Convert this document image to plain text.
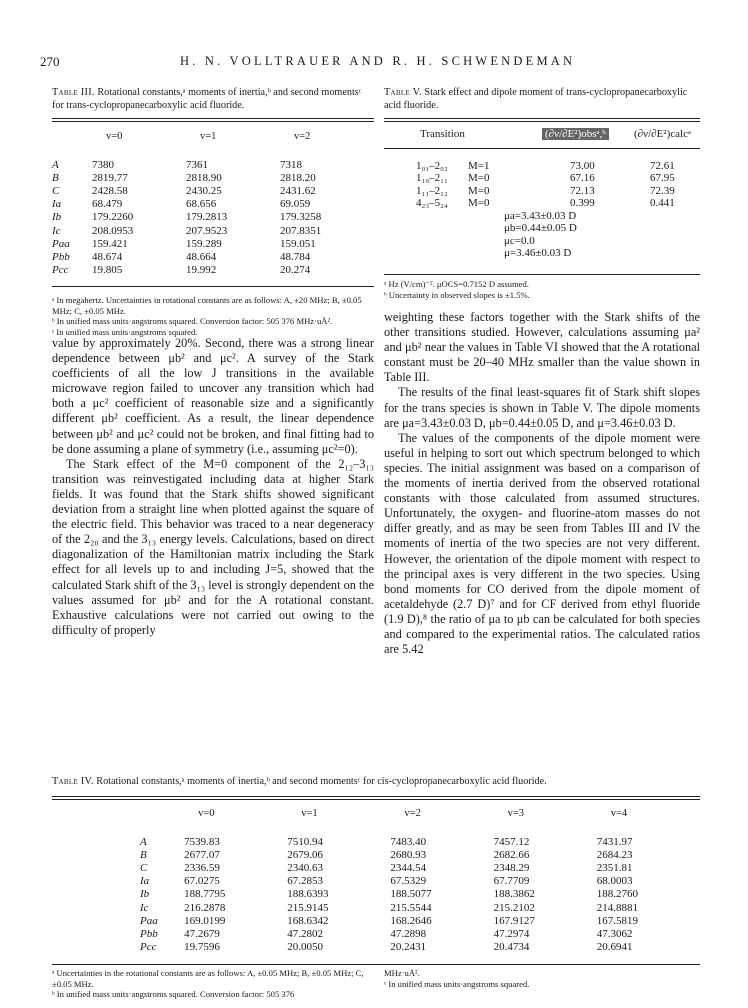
270	H. N. VOLLTRAUER AND R. H. SCHWENDEMAN
Table III. Rotational constants,ᵃ moments of inertia,ᵇ and second momentsᶜ for trans-cyclopropanecarboxylic acid fluoride.
	v=0	v=1	v=2

A	7380	7361	7318
B	2819.77	2818.90	2818.20
C	2428.58	2430.25	2431.62
Ia	68.479	68.656	69.059
Ib	179.2260	179.2813	179.3258
Ic	208.0953	207.9523	207.8351
Paa	159.421	159.289	159.051
Pbb	48.674	48.664	48.784
Pcc	19.805	19.992	20.274
ᵃ In megahertz. Uncertainties in rotational constants are as follows: A, ±20 MHz; B, ±0.05 MHz; C, ±0.05 MHz.
ᵇ In unified mass units·angstroms squared. Conversion factor: 505 376 MHz·uÅ².
ᶜ In unified mass units·angstroms squared.
Table V. Stark effect and dipole moment of trans-cyclopropanecarboxylic acid fluoride.
Transition	(∂ν/∂E²)obsᵃ,ᵇ	(∂ν/∂E²)calcᵃ
1₀₁–2₀₂ M=1	73.00	72.61
1₁₀–2₁₁ M=0	67.16	67.95
1₁₁–2₁₂ M=0	72.13	72.39
4₂₃–5₂₄ M=0	0.399	0.441
μa=3.43±0.03 D
μb=0.44±0.05 D
μc=0.0
μ=3.46±0.03 D
ᵃ Hz (V/cm)⁻². μOCS=0.7152 D assumed.
ᵇ Uncertainty in observed slopes is ±1.5%.

value by approximately 20%. Second, there was a strong linear dependence between μb² and μc². A survey of the Stark coefficients of all the low J transitions in the available microwave region failed to uncover any transition which had both a μc² coefficient of reasonable size and a significantly different μb² coefficient. As a result, the linear dependence between μb² and μc² could not be broken, and final fitting had to be done assuming a plane of symmetry (i.e., assuming μc²=0).

The Stark effect of the M=0 component of the 2₁₂–3₁₃ transition was reinvestigated including data at higher Stark fields. It was found that the Stark shifts showed significant deviation from a straight line when plotted against the square of the electric field. This behavior was traced to a near degeneracy of the 2₂₀ and the 3₁₃ energy levels. Calculations, based on direct diagonalization of the Hamiltonian matrix including the Stark effect for all levels up to and including J=5, showed that the calculated Stark shift of the 3₁₃ level is strongly dependent on the values assumed for μb² and for the A rotational constant. Exhaustive calculations were not carried out owing to the difficulty of properly

weighting these factors together with the Stark shifts of the other transitions studied. However, calculations assuming μa² and μb² near the values in Table VI showed that the A rotational constant must be 20–40 MHz smaller than the value shown in Table III.

The results of the final least-squares fit of Stark shift slopes for the trans species is shown in Table V. The dipole moments are μa=3.43±0.03 D, μb=0.44±0.05 D, and μ=3.46±0.03 D.

The values of the components of the dipole moment were useful in helping to sort out which spectrum belonged to which species. The initial assignment was based on a comparison of the moments of inertia derived from the observed rotational constants with those calculated from assumed structures. Unfortunately, the oxygen- and fluorine-atom masses do not differ greatly, and as may be seen from Tables III and IV the moments of inertia of the two species are not very different. However, the orientation of the dipole moment with respect to the principal axes is very different in the two species. Using bond moments for CO derived from the dipole moment of acetaldehyde (2.7 D)⁷ and for CF derived from ethyl fluoride (1.9 D),⁸ the ratio of μa to μb can be calculated for both species and compared to the experimental ratios. The calculated ratios are 5.42

Table IV. Rotational constants,ᵃ moments of inertia,ᵇ and second momentsᶜ for cis-cyclopropanecarboxylic acid fluoride.
	v=0	v=1	v=2	v=3	v=4

A	7539.83	7510.94	7483.40	7457.12	7431.97
B	2677.07	2679.06	2680.93	2682.66	2684.23
C	2336.59	2340.63	2344.54	2348.29	2351.81
Ia	67.0275	67.2853	67.5329	67.7709	68.0003
Ib	188.7795	188.6393	188.5077	188.3862	188.2760
Ic	216.2878	215.9145	215.5544	215.2102	214.8881
Paa	169.0199	168.6342	168.2646	167.9127	167.5819
Pbb	47.2679	47.2802	47.2898	47.2974	47.3062
Pcc	19.7596	20.0050	20.2431	20.4734	20.6941
ᵃ Uncertainties in the rotational constants are as follows: A, ±0.05 MHz; B, ±0.05 MHz; C, ±0.05 MHz.
ᵇ In unified mass units·angstroms squared. Conversion factor: 505 376
MHz·uÅ².
ᶜ In unified mass units·angstroms squared.
